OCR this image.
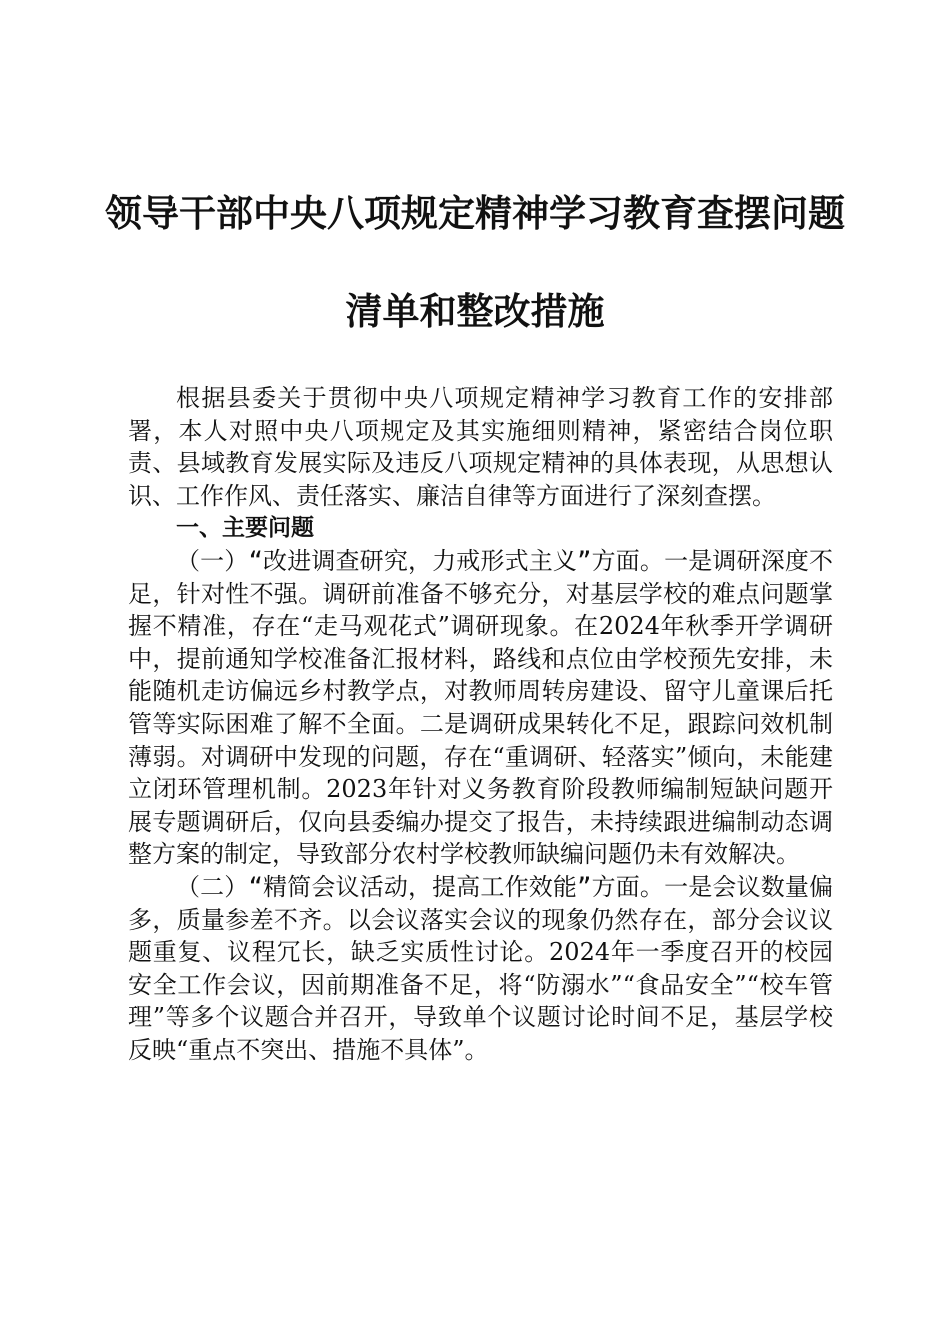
领导干部中央八项规定精神学习教育查摆问题
清单和整改措施

根据县委关于贯彻中央八项规定精神学习教育工作的安排部署，本人对照中央八项规定及其实施细则精神，紧密结合岗位职责、县域教育发展实际及违反八项规定精神的具体表现，从思想认识、工作作风、责任落实、廉洁自律等方面进行了深刻查摆。

一、主要问题

（一）“改进调查研究，力戒形式主义”方面。一是调研深度不足，针对性不强。调研前准备不够充分，对基层学校的难点问题掌握不精准，存在“走马观花式”调研现象。在2024年秋季开学调研中，提前通知学校准备汇报材料，路线和点位由学校预先安排，未能随机走访偏远乡村教学点，对教师周转房建设、留守儿童课后托管等实际困难了解不全面。二是调研成果转化不足，跟踪问效机制薄弱。对调研中发现的问题，存在“重调研、轻落实”倾向，未能建立闭环管理机制。2023年针对义务教育阶段教师编制短缺问题开展专题调研后，仅向县委编办提交了报告，未持续跟进编制动态调整方案的制定，导致部分农村学校教师缺编问题仍未有效解决。

（二）“精简会议活动，提高工作效能”方面。一是会议数量偏多，质量参差不齐。以会议落实会议的现象仍然存在，部分会议议题重复、议程冗长，缺乏实质性讨论。2024年一季度召开的校园安全工作会议，因前期准备不足，将“防溺水”“食品安全”“校车管理”等多个议题合并召开，导致单个议题讨论时间不足，基层学校反映“重点不突出、措施不具体”。
